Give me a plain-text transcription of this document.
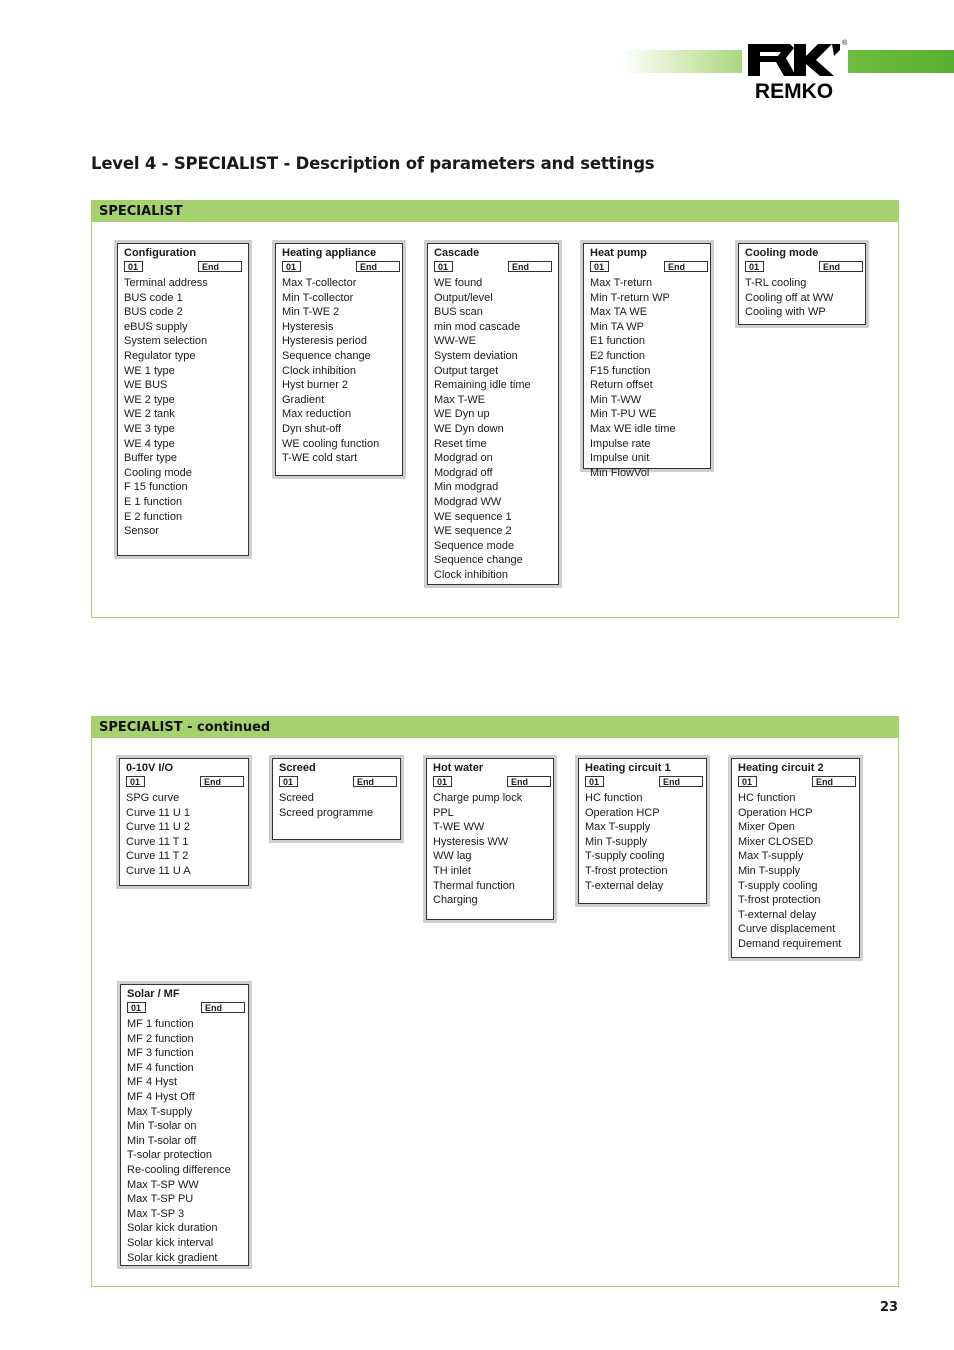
®
REMKO
Level 4 - SPECIALIST - Description of parameters and settings
SPECIALIST
Configuration
01	End
Terminal address
BUS code 1
BUS code 2
eBUS supply
System selection
Regulator type
WE 1 type
WE BUS
WE 2 type
WE 2 tank
WE 3 type
WE 4 type
Buffer type
Cooling mode
F 15 function
E 1 function
E 2 function
Sensor
Heating appliance
01	End
Max T-collector
Min T-collector
Min T-WE 2
Hysteresis
Hysteresis period
Sequence change
Clock inhibition
Hyst burner 2
Gradient
Max reduction
Dyn shut-off
WE cooling function
T-WE cold start
Cascade
01	End
WE found
Output/level
BUS scan
min mod cascade
WW-WE
System deviation
Output target
Remaining idle time
Max T-WE
WE Dyn up
WE Dyn down
Reset time
Modgrad on
Modgrad off
Min modgrad
Modgrad WW
WE sequence 1
WE sequence 2
Sequence mode
Sequence change
Clock inhibition
Heat pump
01	End
Max T-return
Min T-return WP
Max TA WE
Min TA WP
E1 function
E2 function
F15 function
Return offset
Min T-WW
Min T-PU WE
Max WE idle time
Impulse rate
Impulse unit
Min FlowVol
Cooling mode
01	End
T-RL cooling
Cooling off at WW
Cooling with WP
SPECIALIST - continued
0-10V I/O
01	End
SPG curve
Curve 11 U 1
Curve 11 U 2
Curve 11 T 1
Curve 11 T 2
Curve 11 U A
Screed
01	End
Screed
Screed programme
Hot water
01	End
Charge pump lock
PPL
T-WE WW
Hysteresis WW
WW lag
TH inlet
Thermal function
Charging
Heating circuit 1
01	End
HC function
Operation HCP
Max T-supply
Min T-supply
T-supply cooling
T-frost protection
T-external delay
Heating circuit 2
01	End
HC function
Operation HCP
Mixer Open
Mixer CLOSED
Max T-supply
Min T-supply
T-supply cooling
T-frost protection
T-external delay
Curve displacement
Demand requirement
Solar / MF
01	End
MF 1 function
MF 2 function
MF 3 function
MF 4 function
MF 4 Hyst
MF 4 Hyst Off
Max T-supply
Min T-solar on
Min T-solar off
T-solar protection
Re-cooling difference
Max T-SP WW
Max T-SP PU
Max T-SP 3
Solar kick duration
Solar kick interval
Solar kick gradient
23
